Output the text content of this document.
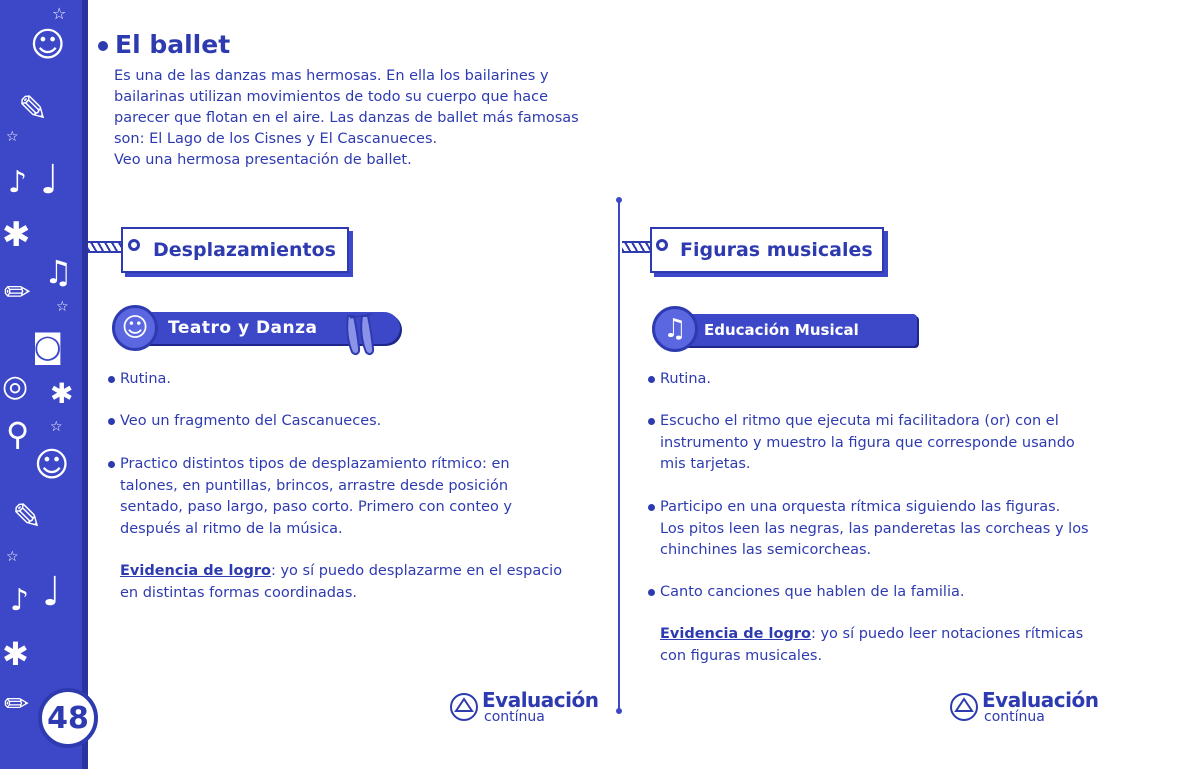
☆
☺
✎
☆
♪ ♩
✱
♫
✏ ☆
◙
◎ ✱
⚲ ☆
☺
✎
☆
♪ ♩
✱
✏ 48
El ballet
Es una de las danzas mas hermosas. En ella los bailarines y
bailarinas utilizan movimientos de todo su cuerpo que hace
parecer que flotan en el aire. Las danzas de ballet más famosas
son: El Lago de los Cisnes y El Cascanueces.
Veo una hermosa presentación de ballet.
Desplazamientos
Teatro y Danza
☺
Rutina.
Veo un fragmento del Cascanueces.
Practico distintos tipos de desplazamiento rítmico: en
talones, en puntillas, brincos, arrastre desde posición
sentado, paso largo, paso corto. Primero con conteo y
después al ritmo de la música.
Evidencia de logro: yo sí puedo desplazarme en el espacio
en distintas formas coordinadas.
Evaluación
contínua
Figuras musicales
Educación Musical
♫
Rutina.
Escucho el ritmo que ejecuta mi facilitadora (or) con el
instrumento y muestro la figura que corresponde usando
mis tarjetas.
Participo en una orquesta rítmica siguiendo las figuras.
Los pitos leen las negras, las panderetas las corcheas y los
chinchines las semicorcheas.
Canto canciones que hablen de la familia.
Evidencia de logro: yo sí puedo leer notaciones rítmicas
con figuras musicales.
Evaluación
contínua
